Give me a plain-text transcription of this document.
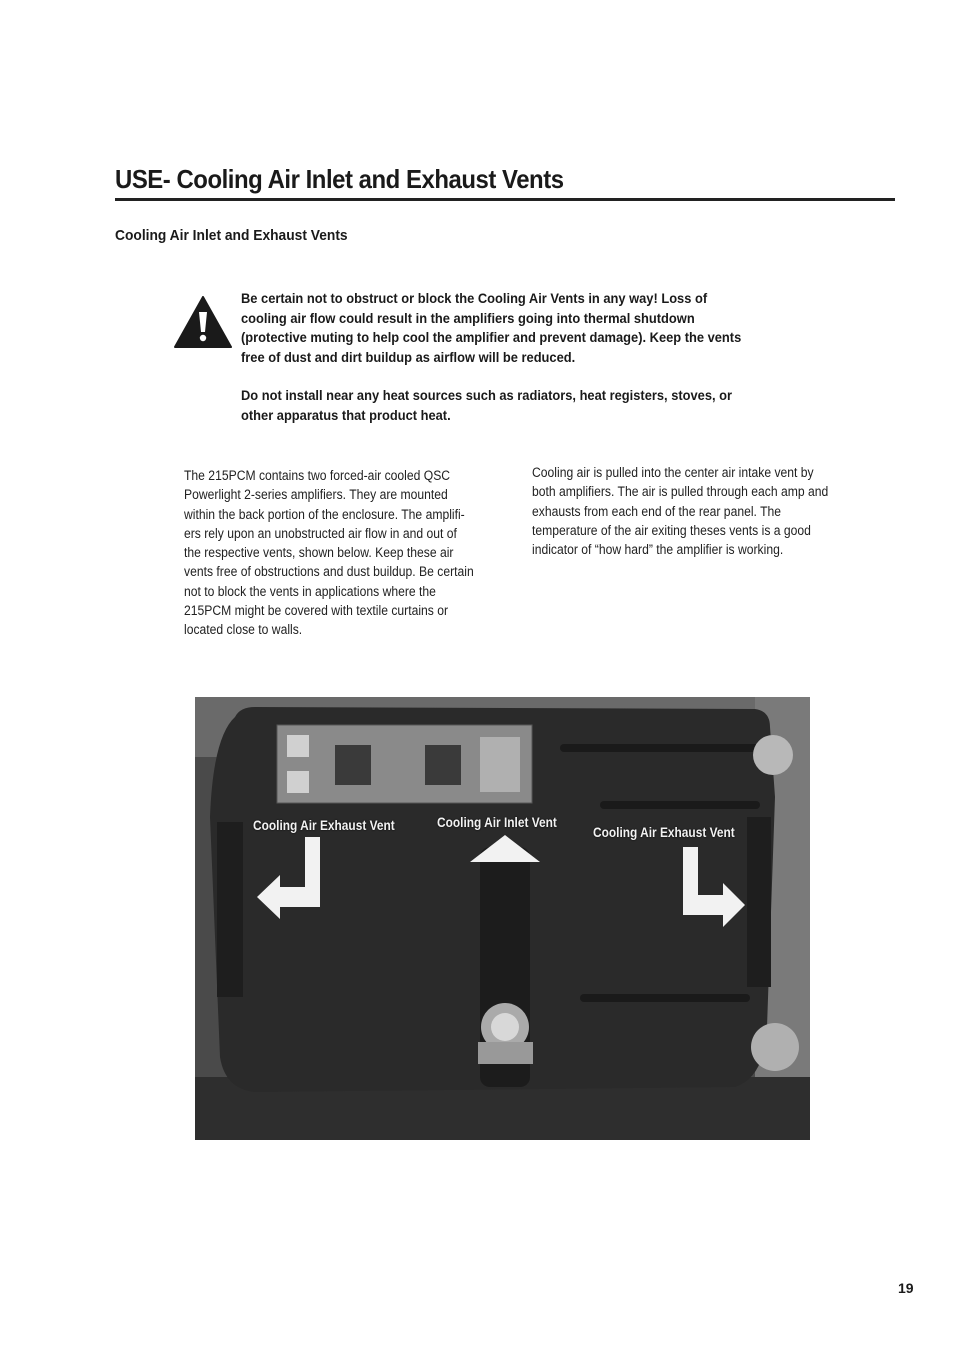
USE- Cooling Air Inlet and Exhaust Vents
Cooling Air Inlet and Exhaust Vents

Be certain not to obstruct or block the Cooling Air Vents in any way! Loss of

cooling air flow could result in the amplifiers going into thermal shutdown

(protective muting to help cool the amplifier and prevent damage). Keep the vents

free of dust and dirt buildup as airflow will be reduced.

Do not install near any heat sources such as radiators, heat registers, stoves, or

other apparatus that product heat.

The 215PCM contains two forced-air cooled QSC

Powerlight 2-series amplifiers. They are mounted

within the back portion of the enclosure. The amplifi-

ers rely upon an unobstructed air flow in and out of

the respective vents, shown below. Keep these air

vents free of obstructions and dust buildup. Be certain

not to block the vents in applications where the

215PCM might be covered with textile curtains or

located close to walls.

Cooling air is pulled into the center air intake vent by

both amplifiers. The air is pulled through each amp and

exhausts from each end of the rear panel. The

temperature of the air exiting theses vents is a good

indicator of “how hard” the amplifier is working.

Cooling Air Exhaust Vent	Cooling Air Inlet Vent
Cooling Air Exhaust Vent
19
